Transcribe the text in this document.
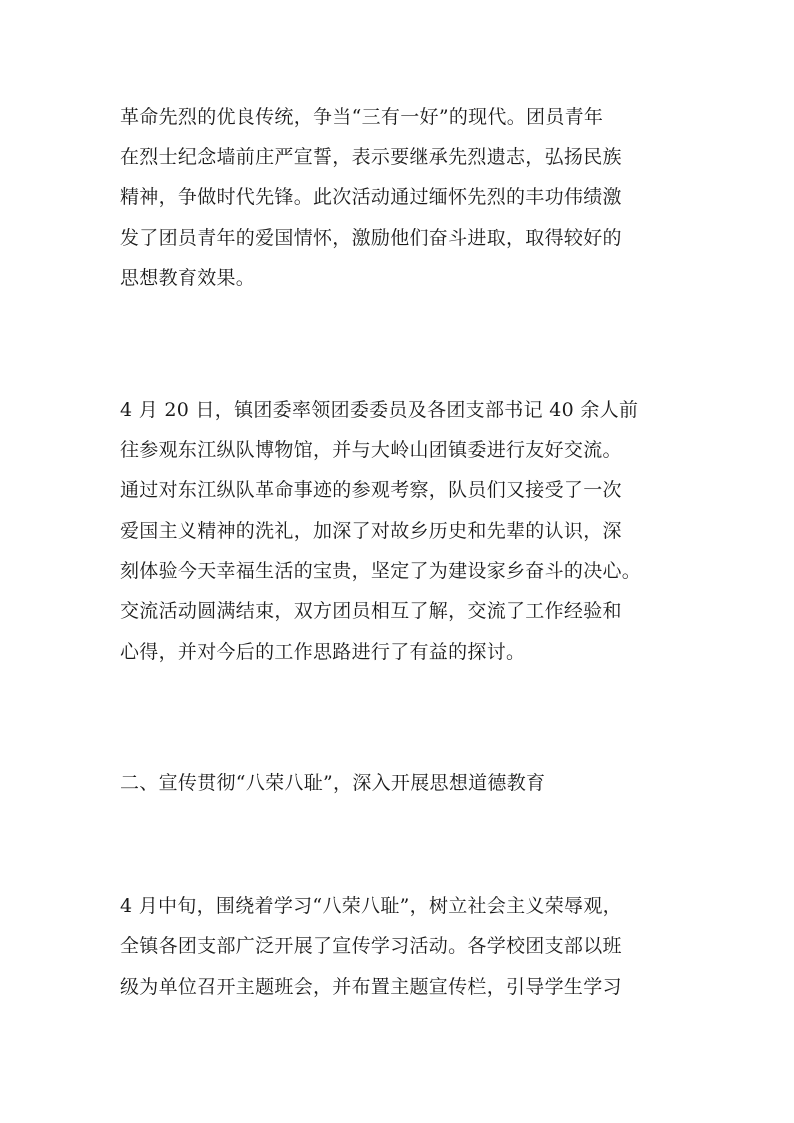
革命先烈的优良传统，争当“三有一好”的现代。团员青年
在烈士纪念墙前庄严宣誓，表示要继承先烈遗志，弘扬民族
精神，争做时代先锋。此次活动通过缅怀先烈的丰功伟绩激
发了团员青年的爱国情怀，激励他们奋斗进取，取得较好的
思想教育效果。
4 月 20 日，镇团委率领团委委员及各团支部书记 40 余人前
往参观东江纵队博物馆，并与大岭山团镇委进行友好交流。
通过对东江纵队革命事迹的参观考察，队员们又接受了一次
爱国主义精神的洗礼，加深了对故乡历史和先辈的认识，深
刻体验今天幸福生活的宝贵，坚定了为建设家乡奋斗的决心。
交流活动圆满结束，双方团员相互了解，交流了工作经验和
心得，并对今后的工作思路进行了有益的探讨。
二、宣传贯彻“八荣八耻”，深入开展思想道德教育
4 月中旬，围绕着学习“八荣八耻”，树立社会主义荣辱观，
全镇各团支部广泛开展了宣传学习活动。各学校团支部以班
级为单位召开主题班会，并布置主题宣传栏，引导学生学习
